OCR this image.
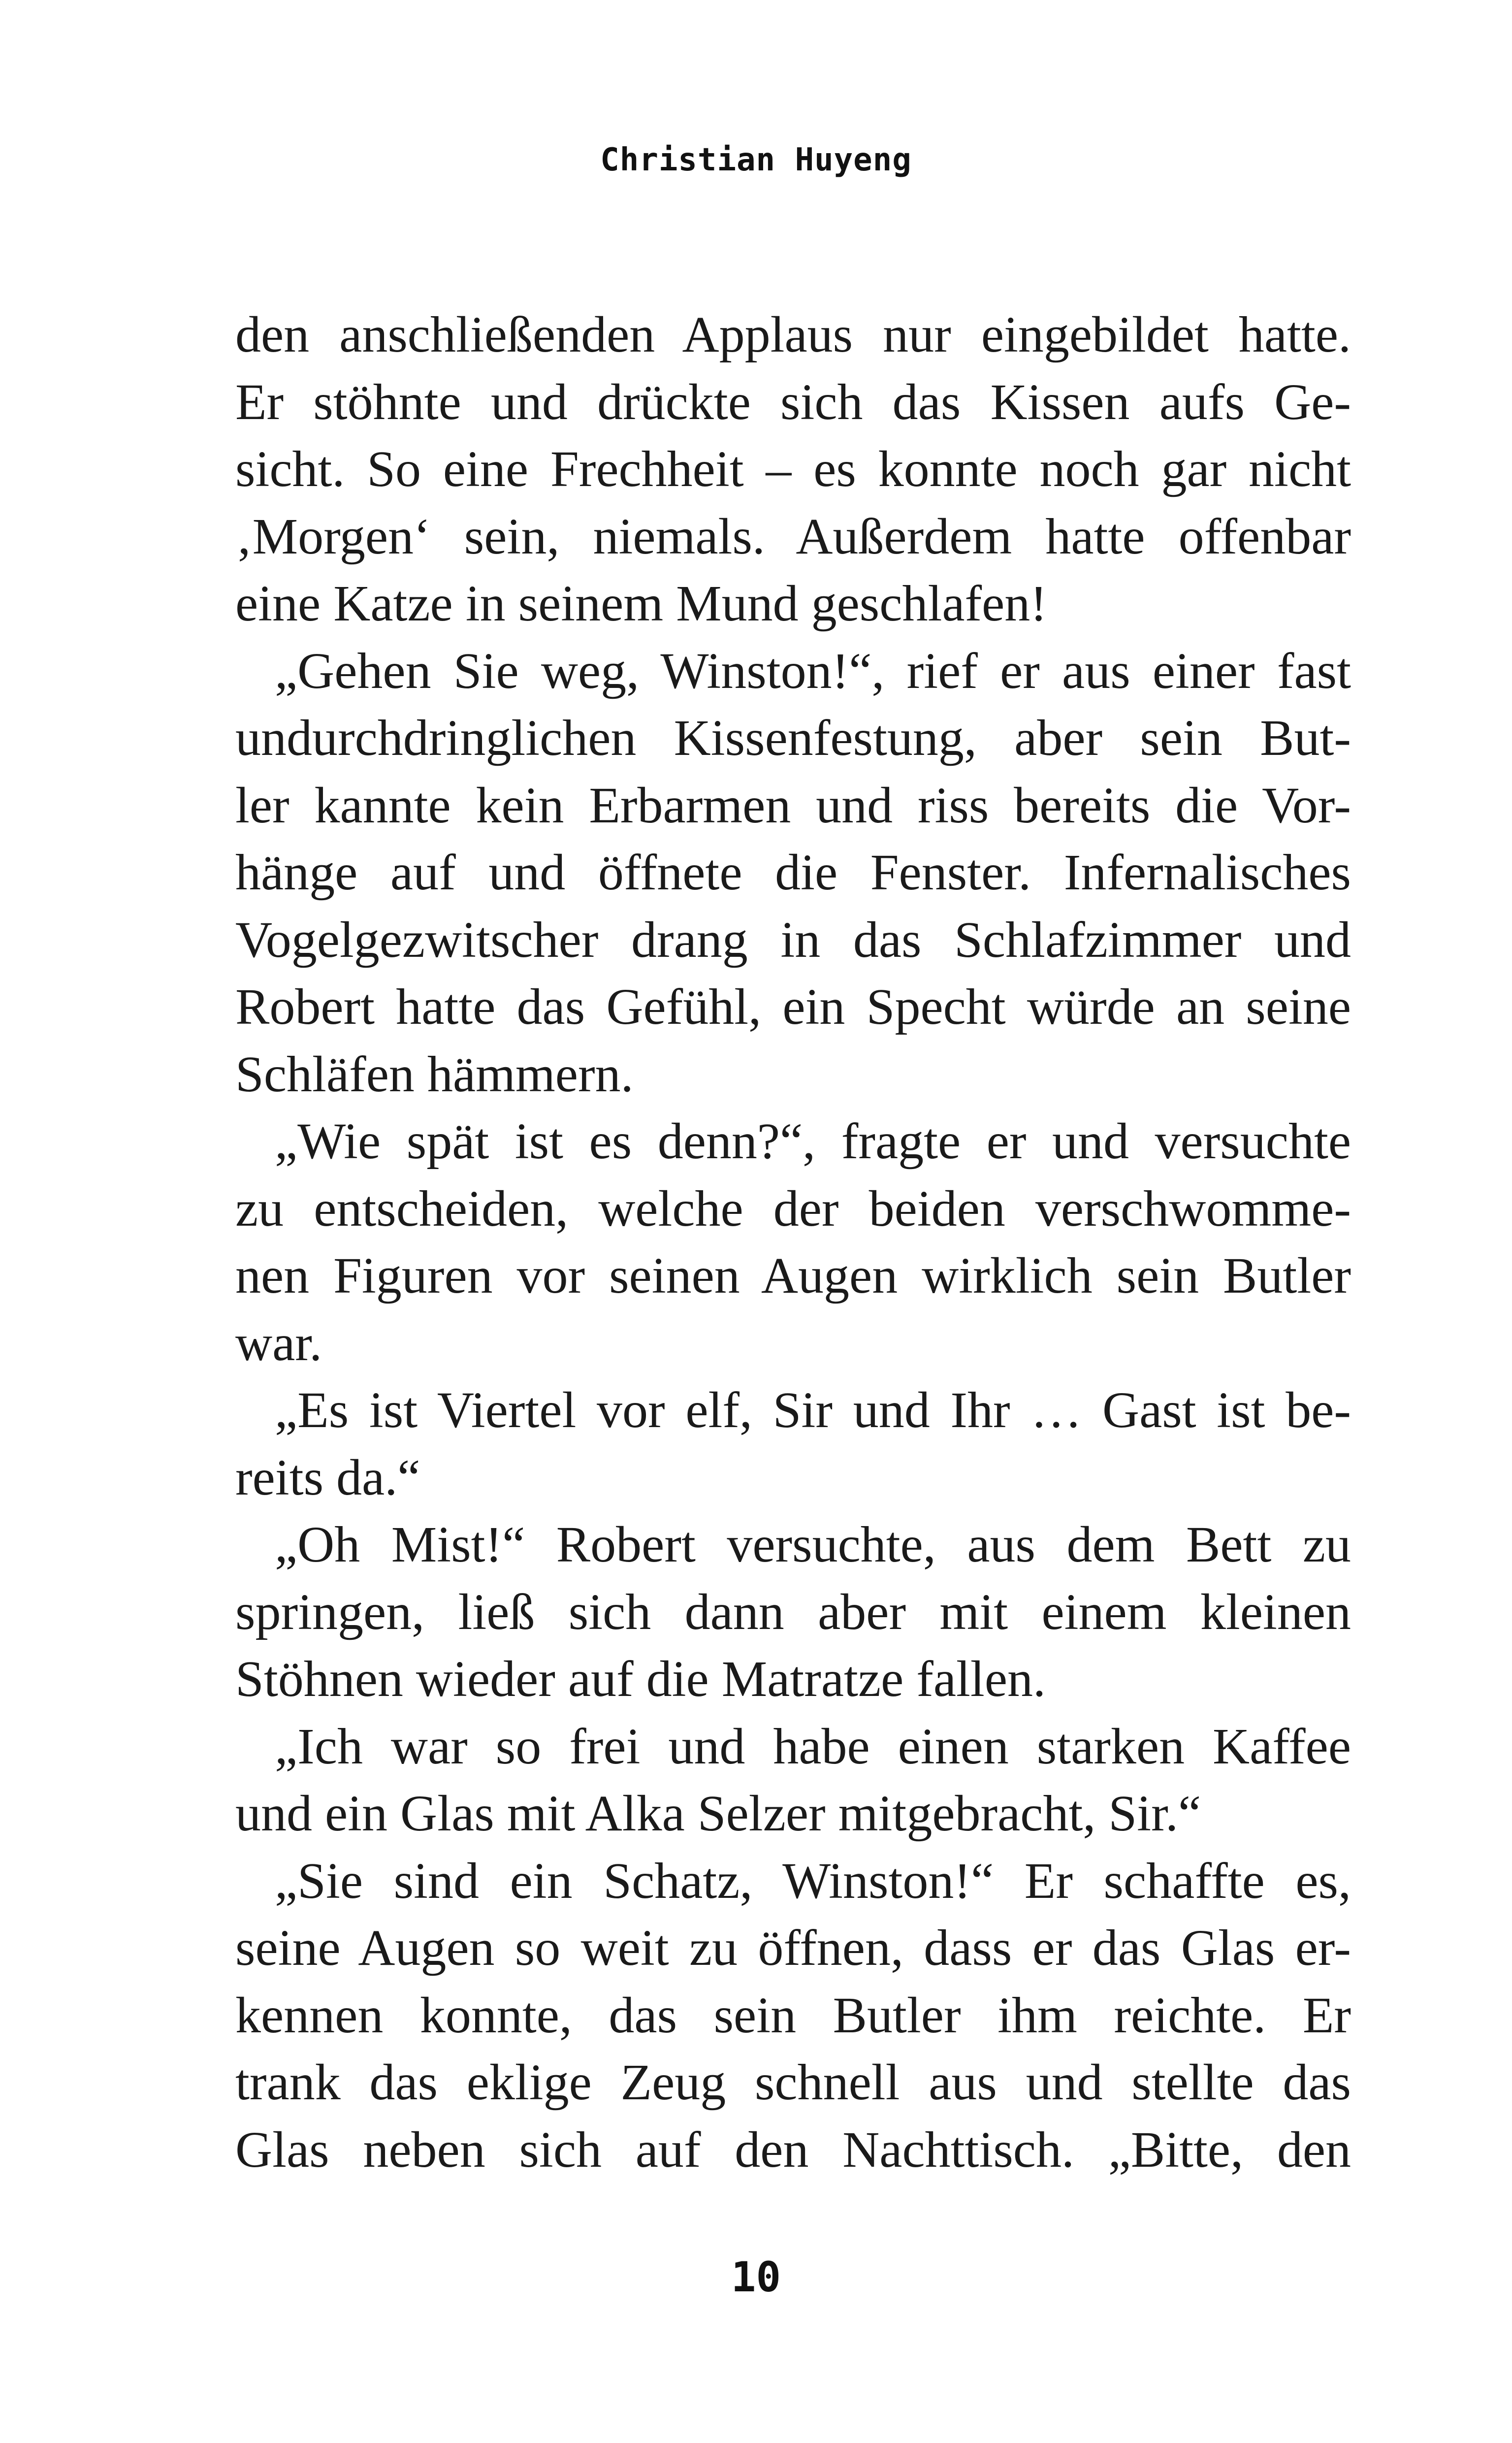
Christian Huyeng
den anschließenden Applaus nur eingebildet hatte.
Er stöhnte und drückte sich das Kissen aufs Ge-
sicht. So eine Frechheit – es konnte noch gar nicht
‚Morgen‘ sein, niemals. Außerdem hatte offenbar
eine Katze in seinem Mund geschlafen!
„Gehen Sie weg, Winston!“, rief er aus einer fast
undurchdringlichen Kissenfestung, aber sein But-
ler kannte kein Erbarmen und riss bereits die Vor-
hänge auf und öffnete die Fenster. Infernalisches
Vogelgezwitscher drang in das Schlafzimmer und
Robert hatte das Gefühl, ein Specht würde an seine
Schläfen hämmern.
„Wie spät ist es denn?“, fragte er und versuchte
zu entscheiden, welche der beiden verschwomme-
nen Figuren vor seinen Augen wirklich sein Butler
war.
„Es ist Viertel vor elf, Sir und Ihr … Gast ist be-
reits da.“
„Oh Mist!“ Robert versuchte, aus dem Bett zu
springen, ließ sich dann aber mit einem kleinen
Stöhnen wieder auf die Matratze fallen.
„Ich war so frei und habe einen starken Kaffee
und ein Glas mit Alka Selzer mitgebracht, Sir.“
„Sie sind ein Schatz, Winston!“ Er schaffte es,
seine Augen so weit zu öffnen, dass er das Glas er-
kennen konnte, das sein Butler ihm reichte. Er
trank das eklige Zeug schnell aus und stellte das
Glas neben sich auf den Nachttisch. „Bitte, den
10
